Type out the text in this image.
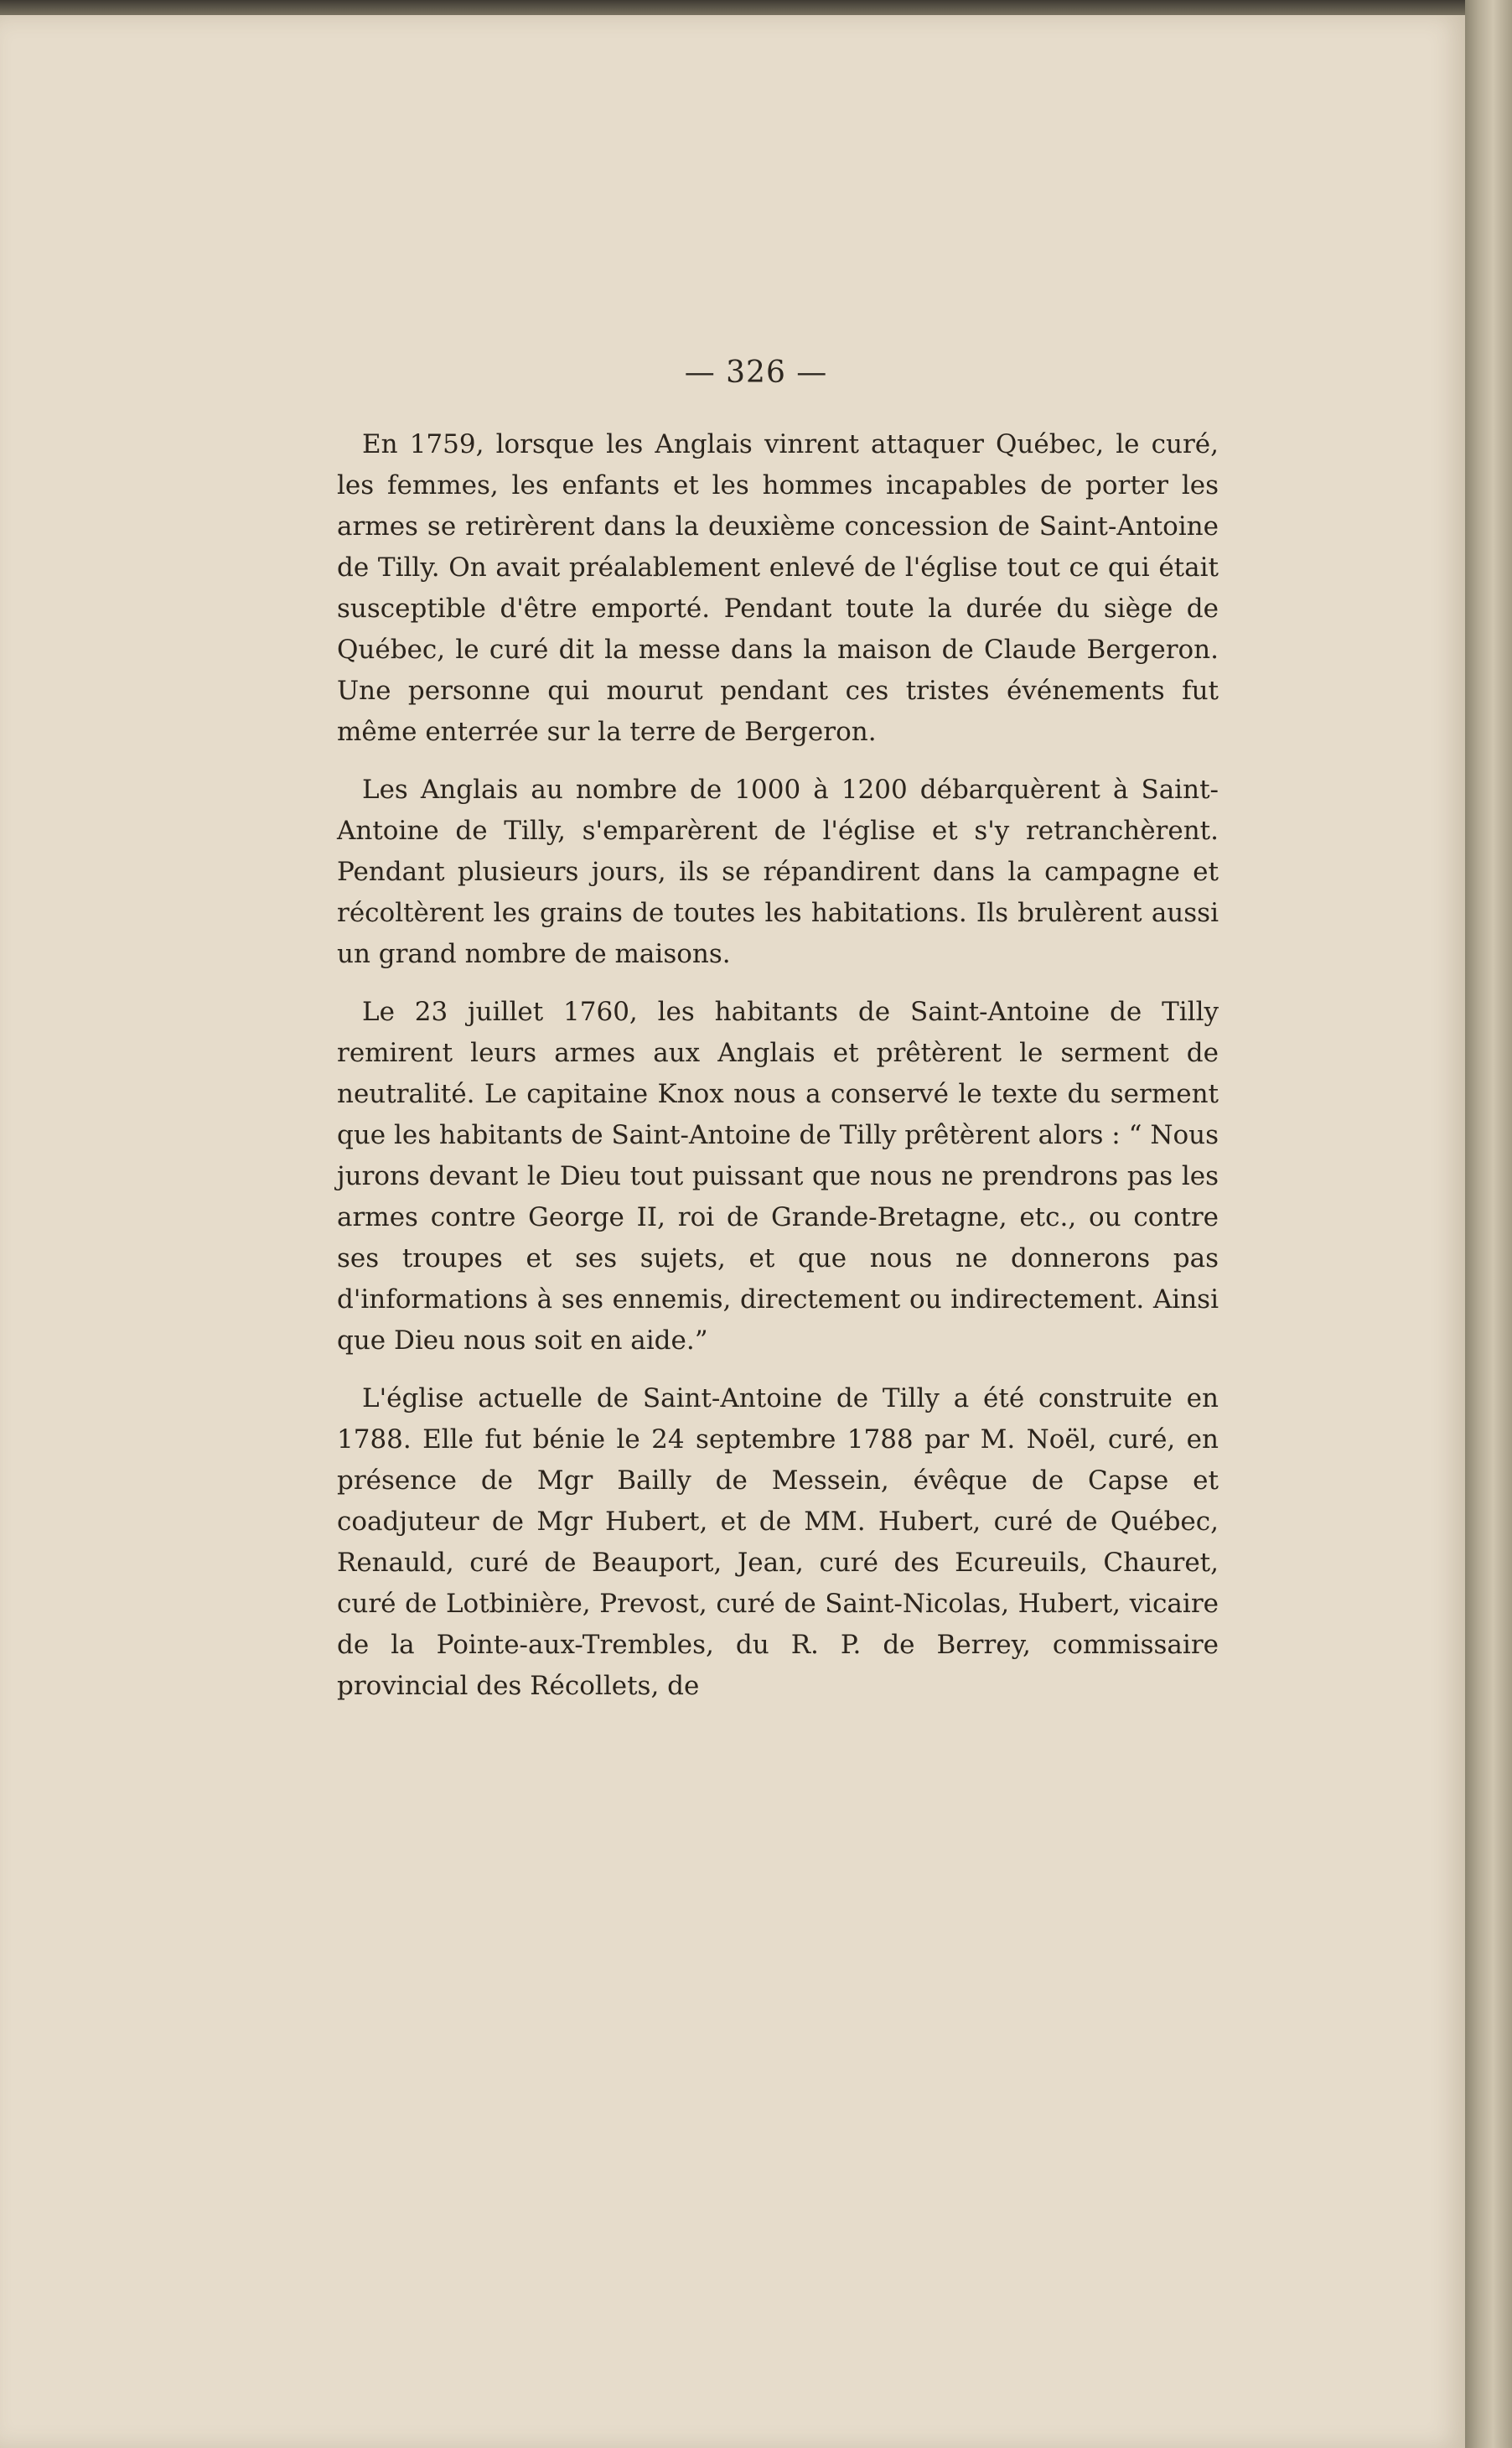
— 326 —

En 1759, lorsque les Anglais vinrent attaquer Québec, le curé, les femmes, les enfants et les hommes incapables de porter les armes se retirèrent dans la deuxième concession de Saint-Antoine de Tilly. On avait préalablement enlevé de l'église tout ce qui était susceptible d'être emporté. Pendant toute la durée du siège de Québec, le curé dit la messe dans la maison de Claude Bergeron. Une personne qui mourut pendant ces tristes événements fut même enterrée sur la terre de Bergeron.

Les Anglais au nombre de 1000 à 1200 débarquèrent à Saint-Antoine de Tilly, s'emparèrent de l'église et s'y retranchèrent. Pendant plusieurs jours, ils se répandirent dans la campagne et récoltèrent les grains de toutes les habitations. Ils brulèrent aussi un grand nombre de maisons.

Le 23 juillet 1760, les habitants de Saint-Antoine de Tilly remirent leurs armes aux Anglais et prêtèrent le serment de neutralité. Le capitaine Knox nous a conservé le texte du serment que les habitants de Saint-Antoine de Tilly prêtèrent alors : “ Nous jurons devant le Dieu tout puissant que nous ne prendrons pas les armes contre George II, roi de Grande-Bretagne, etc., ou contre ses troupes et ses sujets, et que nous ne donnerons pas d'informations à ses ennemis, directement ou indirectement. Ainsi que Dieu nous soit en aide.”

L'église actuelle de Saint-Antoine de Tilly a été construite en 1788. Elle fut bénie le 24 septembre 1788 par M. Noël, curé, en présence de Mgr Bailly de Messein, évêque de Capse et coadjuteur de Mgr Hubert, et de MM. Hubert, curé de Québec, Renauld, curé de Beauport, Jean, curé des Ecureuils, Chauret, curé de Lotbinière, Prevost, curé de Saint-Nicolas, Hubert, vicaire de la Pointe-aux-Trembles, du R. P. de Berrey, commissaire provincial des Récollets, de
